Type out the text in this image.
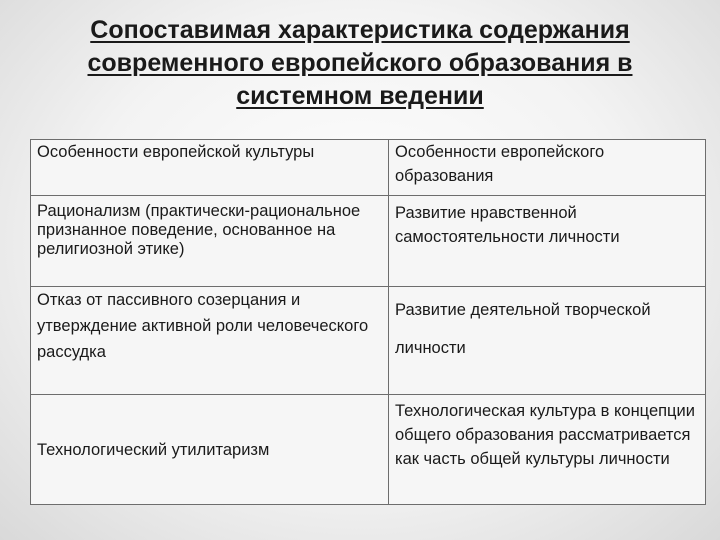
Сопоставимая характеристика содержания современного европейского образования в системном ведении
Особенности европейской культуры	Особенности европейского образования
Рационализм (практически-рациональное признанное поведение, основанное на религиозной этике)	Развитие нравственной самостоятельности личности
Отказ от пассивного созерцания и утверждение активной роли человеческого рассудка	Развитие деятельной творческой личности
Технологический утилитаризм	Технологическая культура в концепции общего образования рассматривается как часть общей культуры личности
